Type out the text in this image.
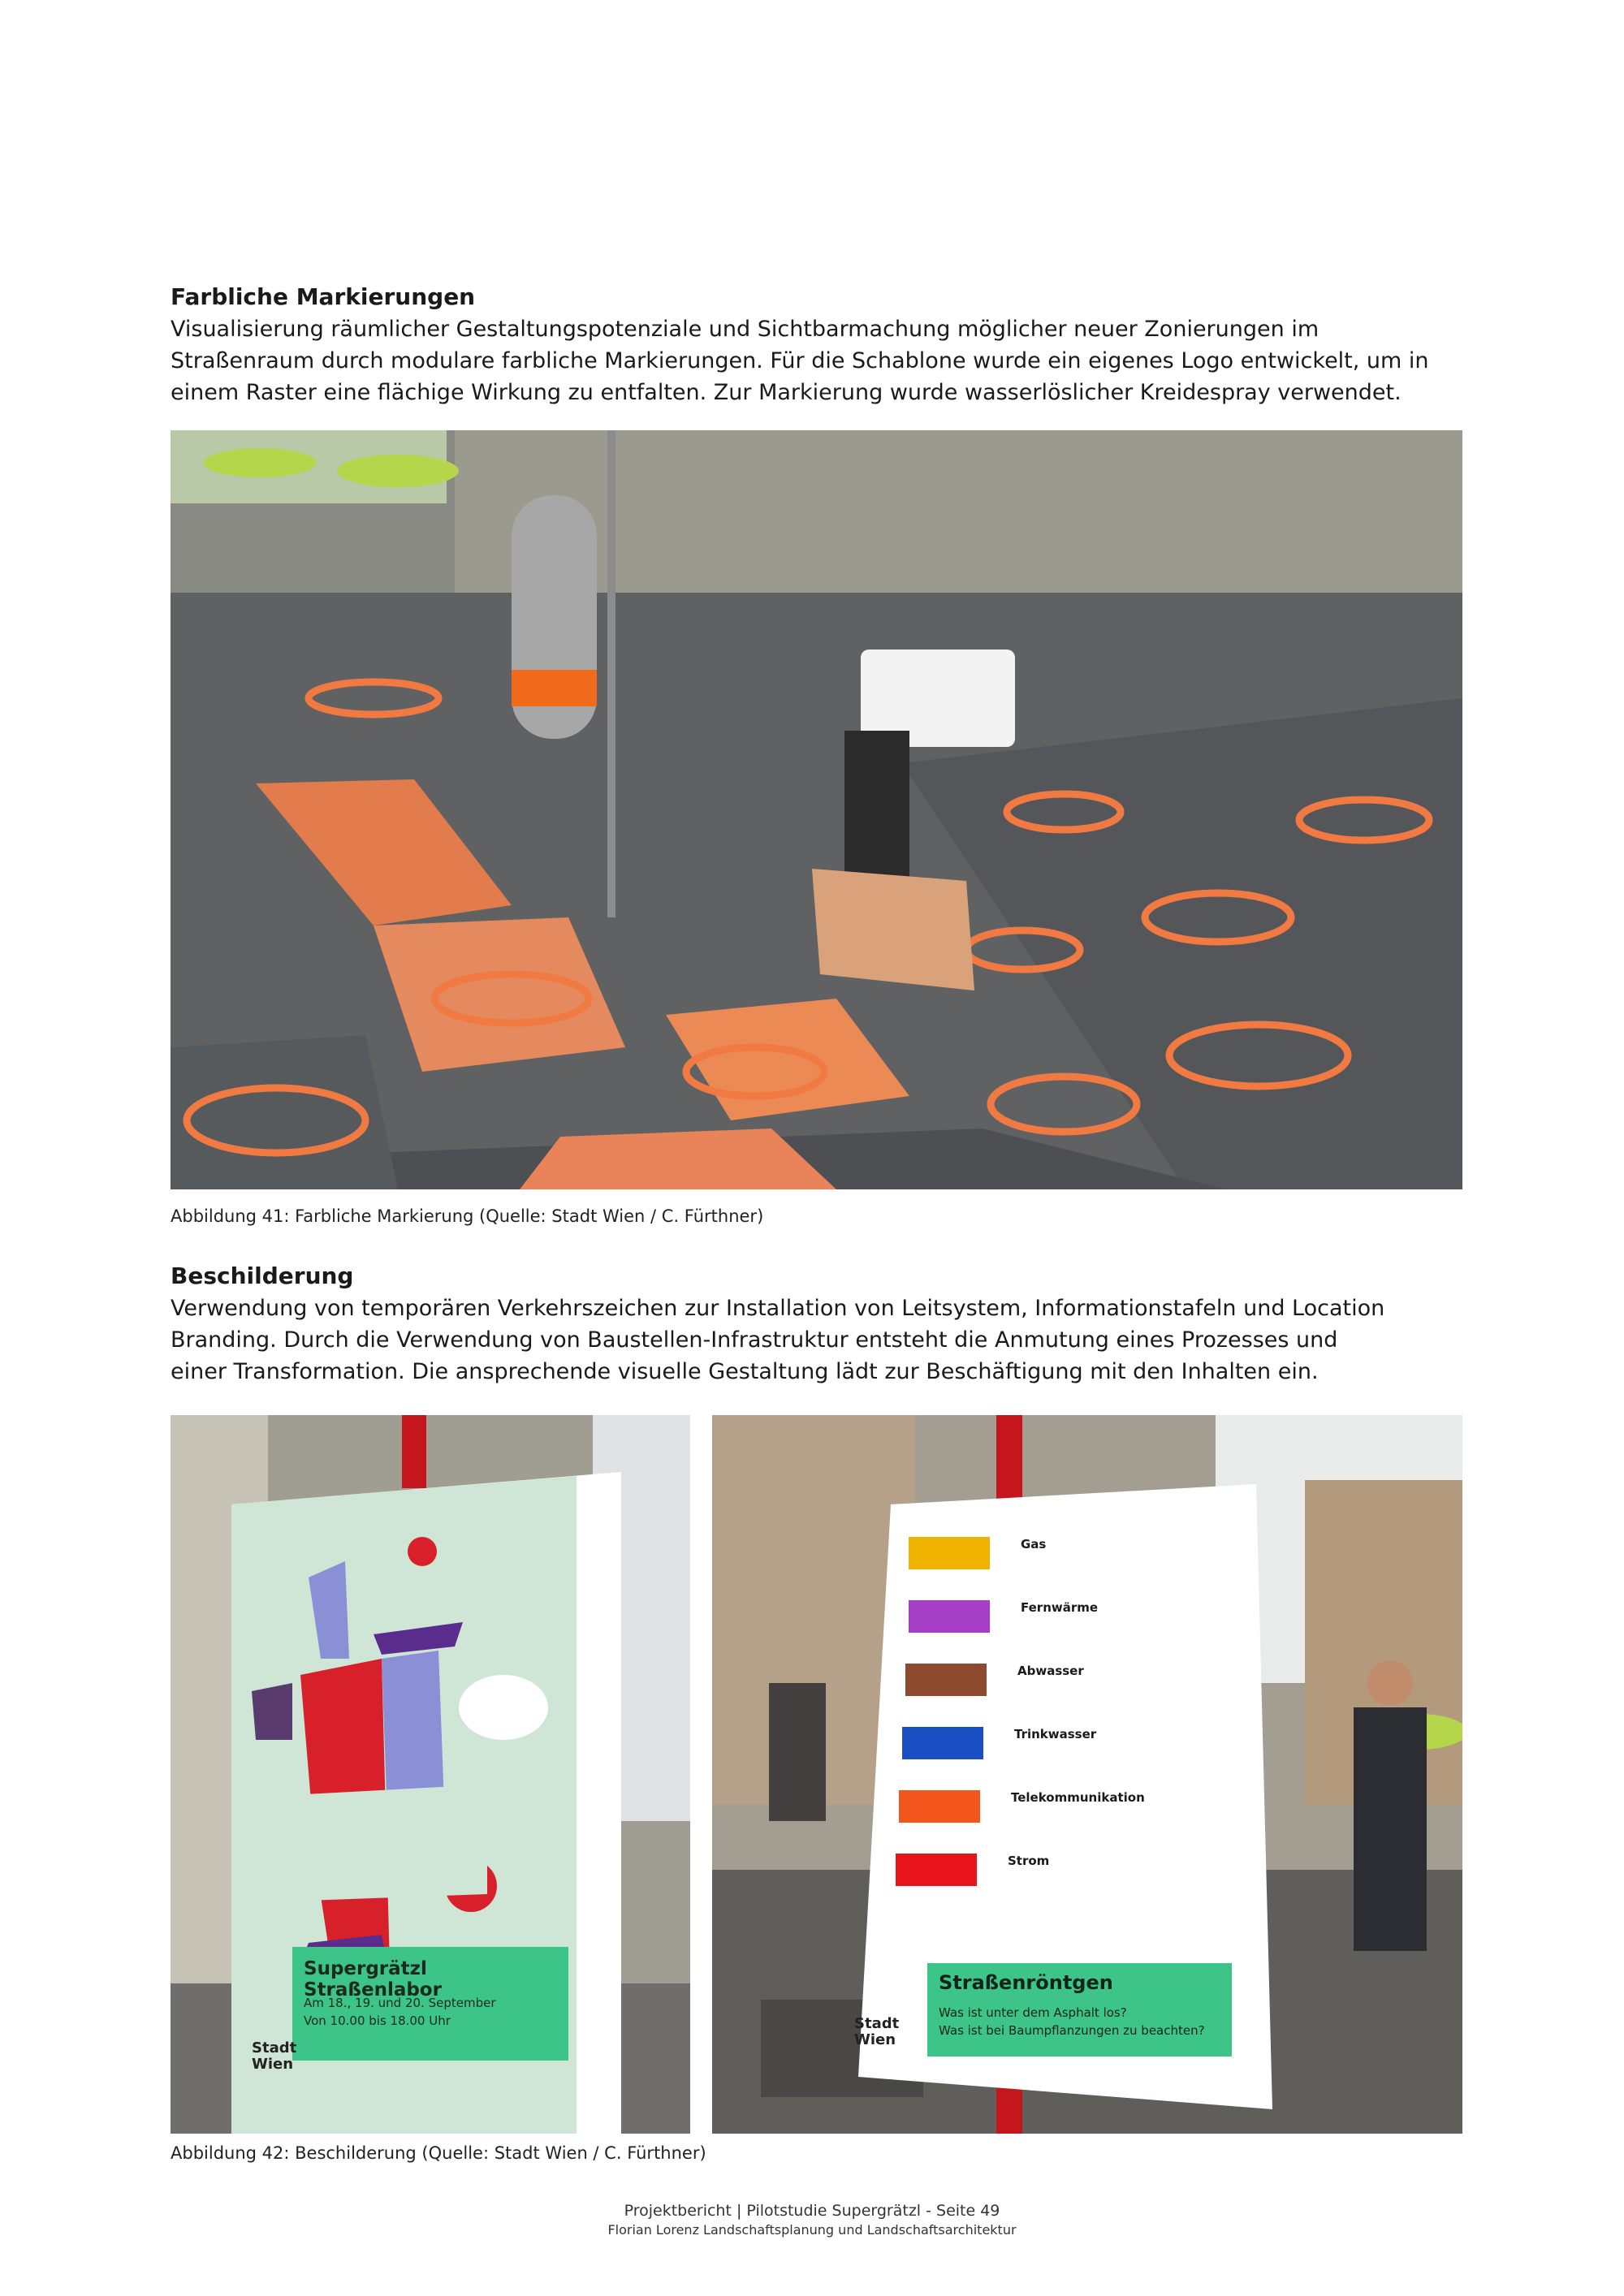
Farbliche Markierungen

Visualisierung räumlicher Gestaltungspotenziale und Sichtbarmachung möglicher neuer Zonierungen im

Straßenraum durch modulare farbliche Markierungen. Für die Schablone wurde ein eigenes Logo entwickelt, um in

einem Raster eine flächige Wirkung zu entfalten. Zur Markierung wurde wasserlöslicher Kreidespray verwendet.

Abbildung 41: Farbliche Markierung (Quelle: Stadt Wien / C. Fürthner)
Beschilderung

Verwendung von temporären Verkehrszeichen zur Installation von Leitsystem, Informationstafeln und Location

Branding. Durch die Verwendung von Baustellen-Infrastruktur entsteht die Anmutung eines Prozesses und

einer Transformation. Die ansprechende visuelle Gestaltung lädt zur Beschäftigung mit den Inhalten ein.

Supergrätzl Straßenlabor
Am 18., 19. und 20. September
Von 10.00 bis 18.00 Uhr
Stadt
Wien
Gas
Fernwärme
Abwasser
Trinkwasser
Telekommunikation
Strom
Straßenröntgen
Was ist unter dem Asphalt los?
Was ist bei Baumpflanzungen zu beachten?
Stadt
Wien
Abbildung 42: Beschilderung (Quelle: Stadt Wien / C. Fürthner)
Projektbericht | Pilotstudie Supergrätzl - Seite 49
Florian Lorenz Landschaftsplanung und Landschaftsarchitektur
